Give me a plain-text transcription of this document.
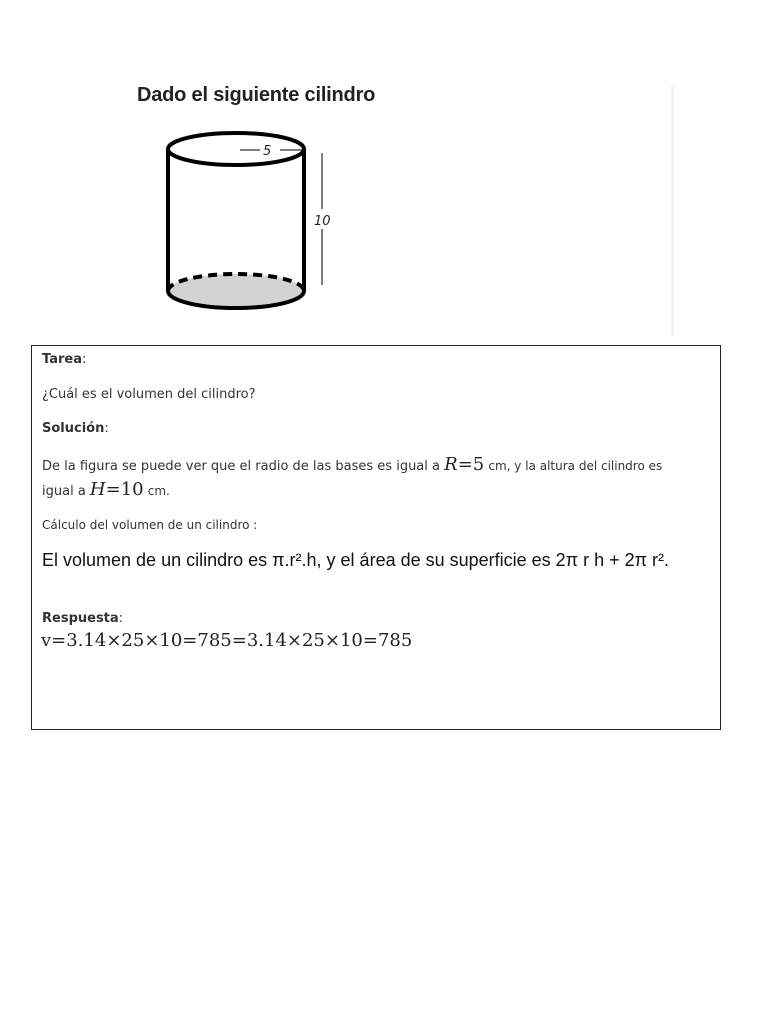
Dado el siguiente cilindro
5
10
Tarea:
¿Cuál es el volumen del cilindro?
Solución:
De la figura se puede ver que el radio de las bases es igual a R=5 cm, y la altura del cilindro es
igual a H=10 cm.
Cálculo del volumen de un cilindro :
El volumen de un cilindro es π.r².h, y el área de su superficie es 2π r h + 2π r².
Respuesta:
v=3.14×25×10=785=3.14×25×10=785
